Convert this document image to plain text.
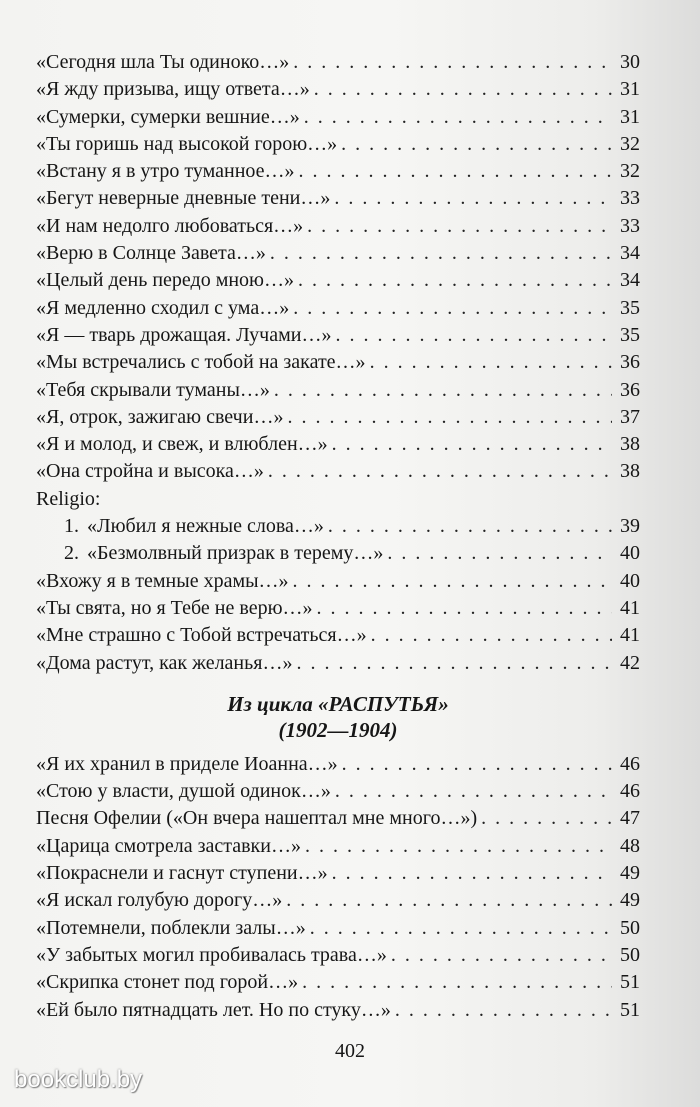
«Сегодня шла Ты одиноко…» . . .	30
«Я жду призыва, ищу ответа…» . . .	31
«Сумерки, сумерки вешние…» . . .	31
«Ты горишь над высокой горою…» . . .	32
«Встану я в утро туманное…» . . .	32
«Бегут неверные дневные тени…» . . .	33
«И нам недолго любоваться…» . . .	33
«Верю в Солнце Завета…» . . .	34
«Целый день передо мною…» . . .	34
«Я медленно сходил с ума…» . . .	35
«Я — тварь дрожащая. Лучами…» . . .	35
«Мы встречались с тобой на закате…» . . .	36
«Тебя скрывали туманы…» . . .	36
«Я, отрок, зажигаю свечи…» . . .	37
«Я и молод, и свеж, и влюблен…» . . .	38
«Она стройна и высока…» . . .	38
Religio:
1. «Любил я нежные слова…» . . .	39
2. «Безмолвный призрак в терему…» . . .	40
«Вхожу я в темные храмы…» . . .	40
«Ты свята, но я Тебе не верю…» . . .	41
«Мне страшно с Тобой встречаться…» . . .	41
«Дома растут, как желанья…» . . .	42
Из цикла «РАСПУТЬЯ»
(1902—1904)
«Я их хранил в приделе Иоанна…» . . .	46
«Стою у власти, душой одинок…» . . .	46
Песня Офелии («Он вчера нашептал мне много…») . . .	47
«Царица смотрела заставки…» . . .	48
«Покраснели и гаснут ступени…» . . .	49
«Я искал голубую дорогу…» . . .	49
«Потемнели, поблекли залы…» . . .	50
«У забытых могил пробивалась трава…» . . .	50
«Скрипка стонет под горой…» . . .	51
«Ей было пятнадцать лет. Но по стуку…» . . .	51
402
bookclub.by
